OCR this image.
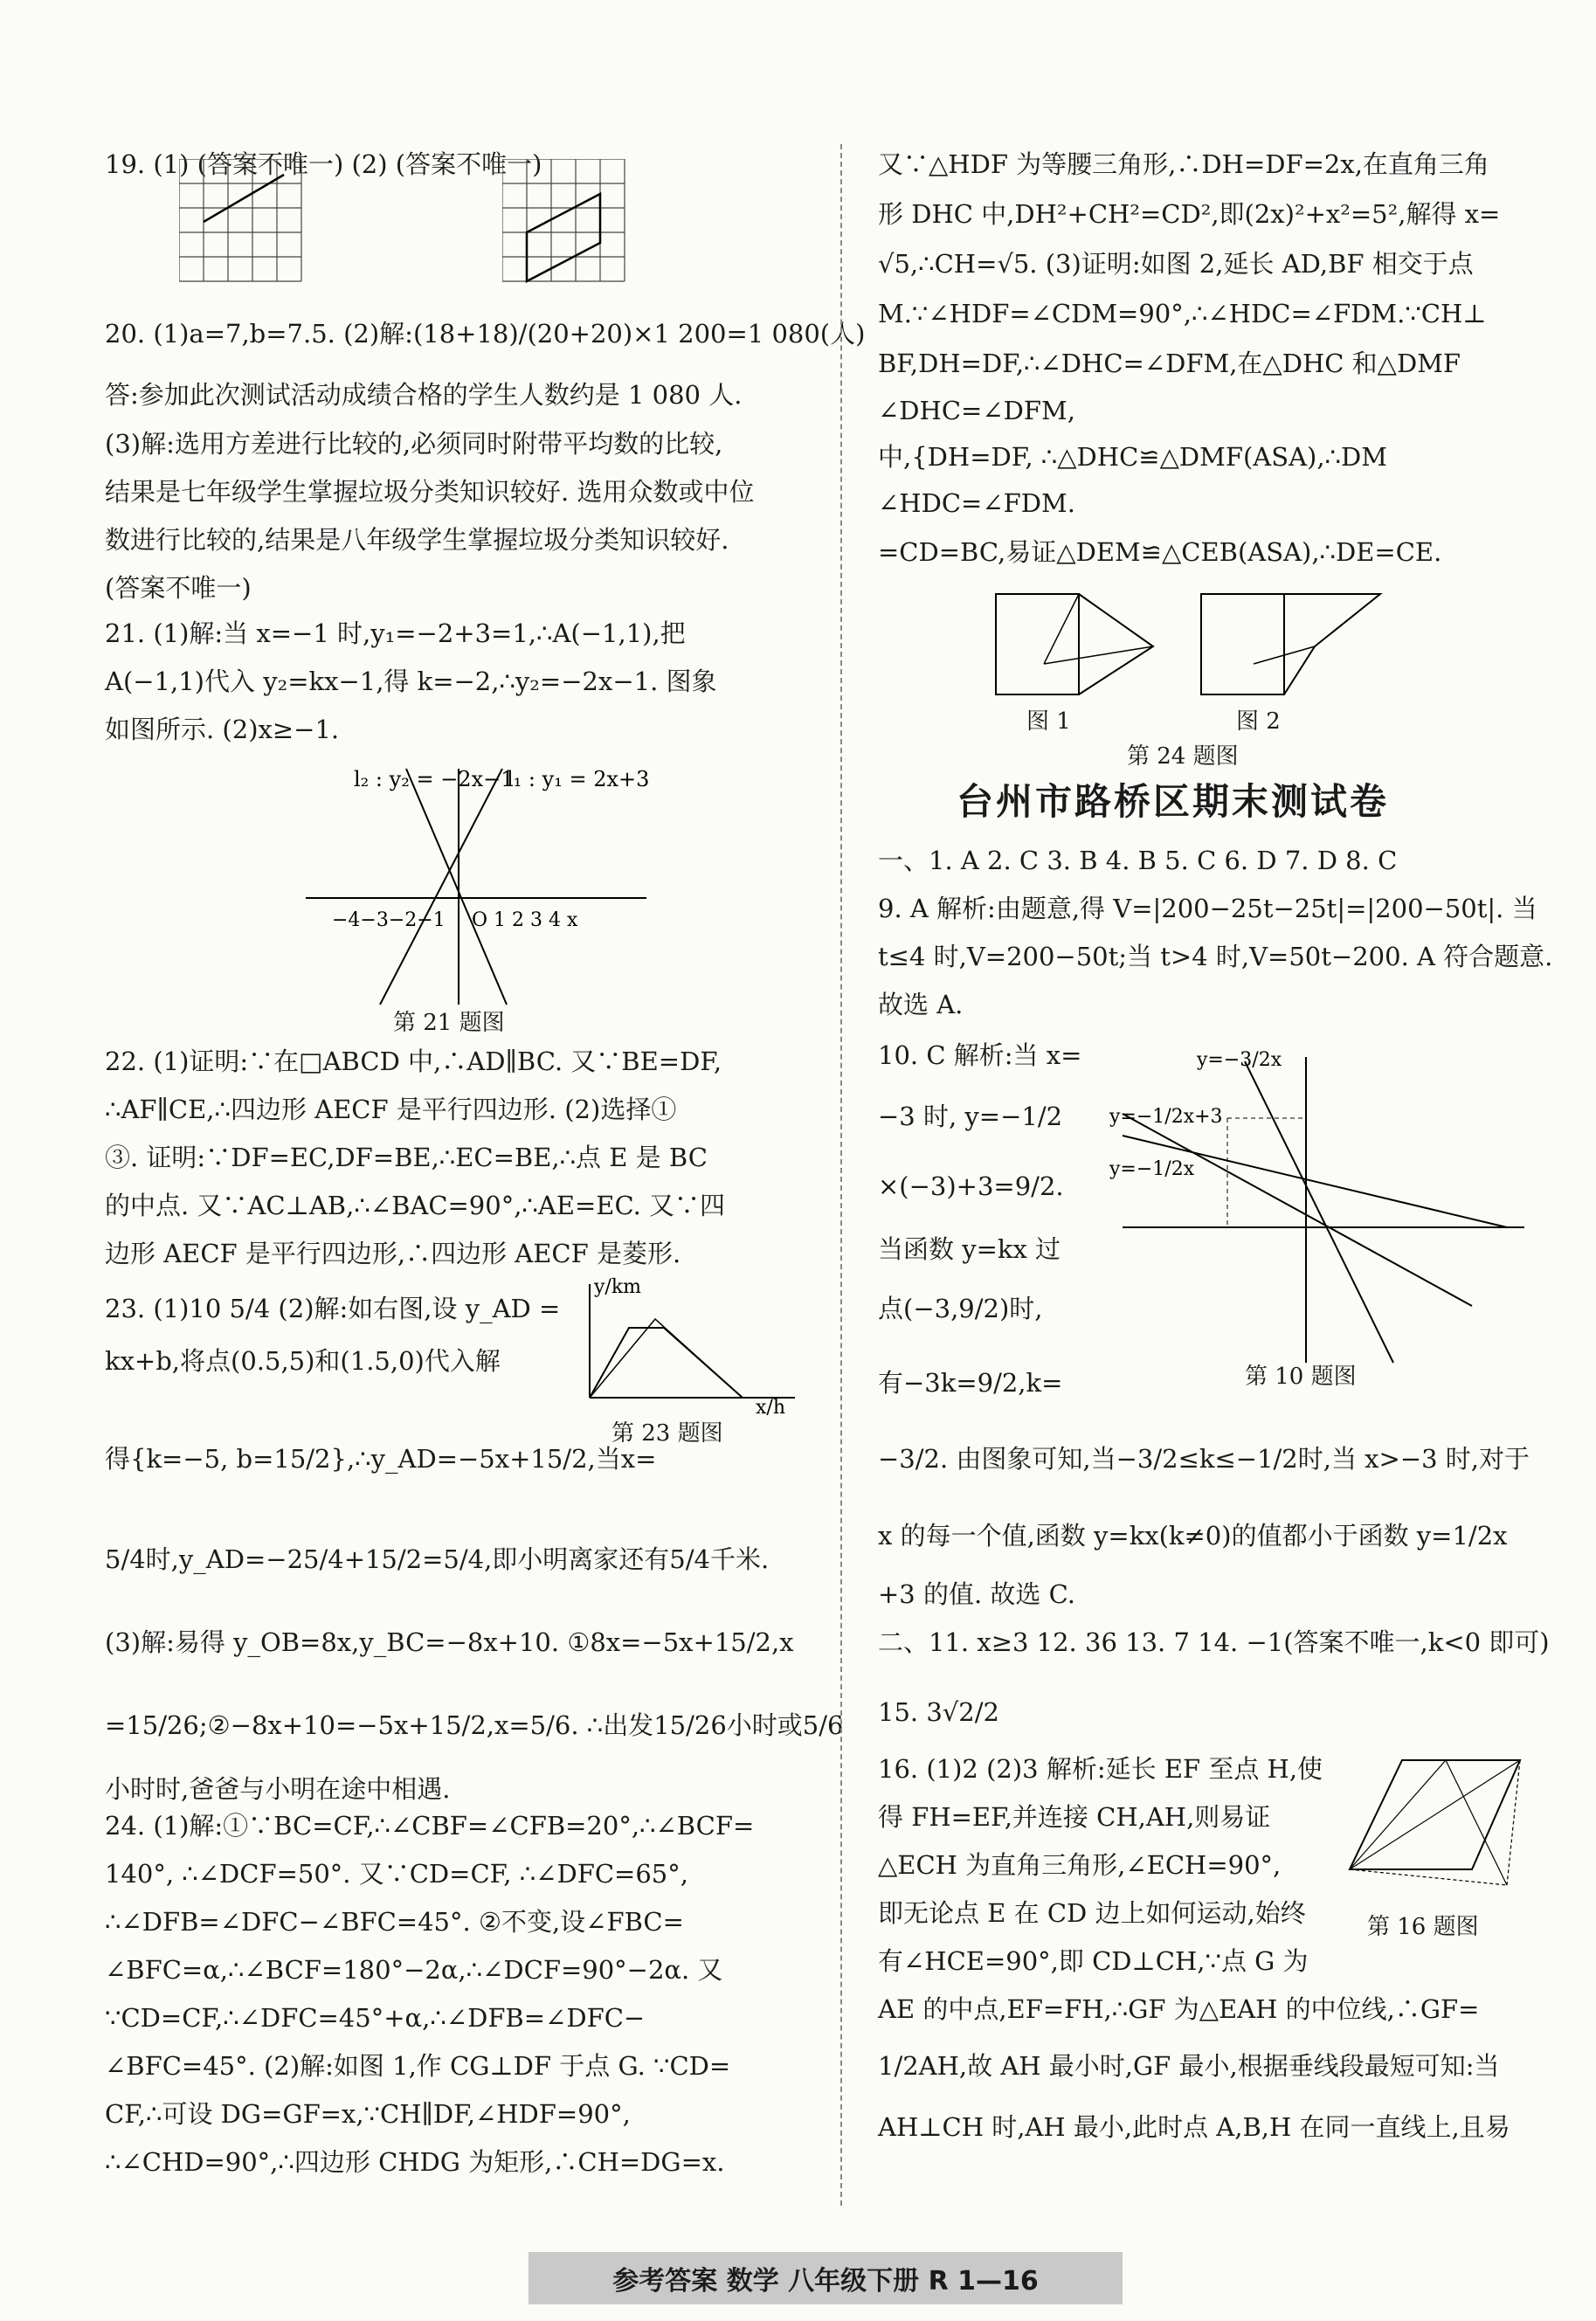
19. (1) (答案不唯一) (2) (答案不唯一)
20. (1)a=7,b=7.5. (2)解:(18+18)/(20+20)×1 200=1 080(人)
答:参加此次测试活动成绩合格的学生人数约是 1 080 人.
(3)解:选用方差进行比较的,必须同时附带平均数的比较,
结果是七年级学生掌握垃圾分类知识较好. 选用众数或中位
数进行比较的,结果是八年级学生掌握垃圾分类知识较好.
(答案不唯一)
21. (1)解:当 x=−1 时,y₁=−2+3=1,∴A(−1,1),把
A(−1,1)代入 y₂=kx−1,得 k=−2,∴y₂=−2x−1. 图象
如图所示. (2)x≥−1.
22. (1)证明:∵在□ABCD 中,∴AD∥BC. 又∵BE=DF,
∴AF∥CE,∴四边形 AECF 是平行四边形. (2)选择①
③. 证明:∵DF=EC,DF=BE,∴EC=BE,∴点 E 是 BC
的中点. 又∵AC⊥AB,∴∠BAC=90°,∴AE=EC. 又∵四
边形 AECF 是平行四边形,∴四边形 AECF 是菱形.
23. (1)10 5/4 (2)解:如右图,设 y_AD =
kx+b,将点(0.5,5)和(1.5,0)代入解
得{k=−5, b=15/2},∴y_AD=−5x+15/2,当x=
5/4时,y_AD=−25/4+15/2=5/4,即小明离家还有5/4千米.
(3)解:易得 y_OB=8x,y_BC=−8x+10. ①8x=−5x+15/2,x
=15/26;②−8x+10=−5x+15/2,x=5/6. ∴出发15/26小时或5/6
小时时,爸爸与小明在途中相遇.
24. (1)解:①∵BC=CF,∴∠CBF=∠CFB=20°,∴∠BCF=
140°, ∴∠DCF=50°. 又∵CD=CF, ∴∠DFC=65°,
∴∠DFB=∠DFC−∠BFC=45°. ②不变,设∠FBC=
∠BFC=α,∴∠BCF=180°−2α,∴∠DCF=90°−2α. 又
∵CD=CF,∴∠DFC=45°+α,∴∠DFB=∠DFC−
∠BFC=45°. (2)解:如图 1,作 CG⊥DF 于点 G. ∵CD=
CF,∴可设 DG=GF=x,∵CH∥DF,∠HDF=90°,
∴∠CHD=90°,∴四边形 CHDG 为矩形,∴CH=DG=x.
又∵△HDF 为等腰三角形,∴DH=DF=2x,在直角三角
形 DHC 中,DH²+CH²=CD²,即(2x)²+x²=5²,解得 x=
√5,∴CH=√5. (3)证明:如图 2,延长 AD,BF 相交于点
M.∵∠HDF=∠CDM=90°,∴∠HDC=∠FDM.∵CH⊥
BF,DH=DF,∴∠DHC=∠DFM,在△DHC 和△DMF
∠DHC=∠DFM,
中,{DH=DF, ∴△DHC≌△DMF(ASA),∴DM
∠HDC=∠FDM.
=CD=BC,易证△DEM≌△CEB(ASA),∴DE=CE.
一、1. A 2. C 3. B 4. B 5. C 6. D 7. D 8. C
9. A 解析:由题意,得 V=|200−25t−25t|=|200−50t|. 当
t≤4 时,V=200−50t;当 t>4 时,V=50t−200. A 符合题意.
故选 A.
10. C 解析:当 x=
−3 时, y=−1/2
×(−3)+3=9/2.
当函数 y=kx 过
点(−3,9/2)时,
有−3k=9/2,k=
−3/2. 由图象可知,当−3/2≤k≤−1/2时,当 x>−3 时,对于
x 的每一个值,函数 y=kx(k≠0)的值都小于函数 y=1/2x
+3 的值. 故选 C.
二、11. x≥3 12. 36 13. 7 14. −1(答案不唯一,k<0 即可)
15. 3√2/2
16. (1)2 (2)3 解析:延长 EF 至点 H,使
得 FH=EF,并连接 CH,AH,则易证
△ECH 为直角三角形,∠ECH=90°,
即无论点 E 在 CD 边上如何运动,始终
有∠HCE=90°,即 CD⊥CH,∵点 G 为
AE 的中点,EF=FH,∴GF 为△EAH 的中位线,∴GF=
1/2AH,故 AH 最小时,GF 最小,根据垂线段最短可知:当
AH⊥CH 时,AH 最小,此时点 A,B,H 在同一直线上,且易
l₂ : y₂ = −2x−1
l₁ : y₁ = 2x+3
O 1 2 3 4 x
−4−3−2−1
第 21 题图
y/km
x/h
第 23 题图
图 1	图 2
第 24 题图
台州市路桥区期末测试卷
y=−3/2x
y=−1/2x+3
y=−1/2x
第 10 题图
第 16 题图
参考答案 数学 八年级下册 R 1—16
